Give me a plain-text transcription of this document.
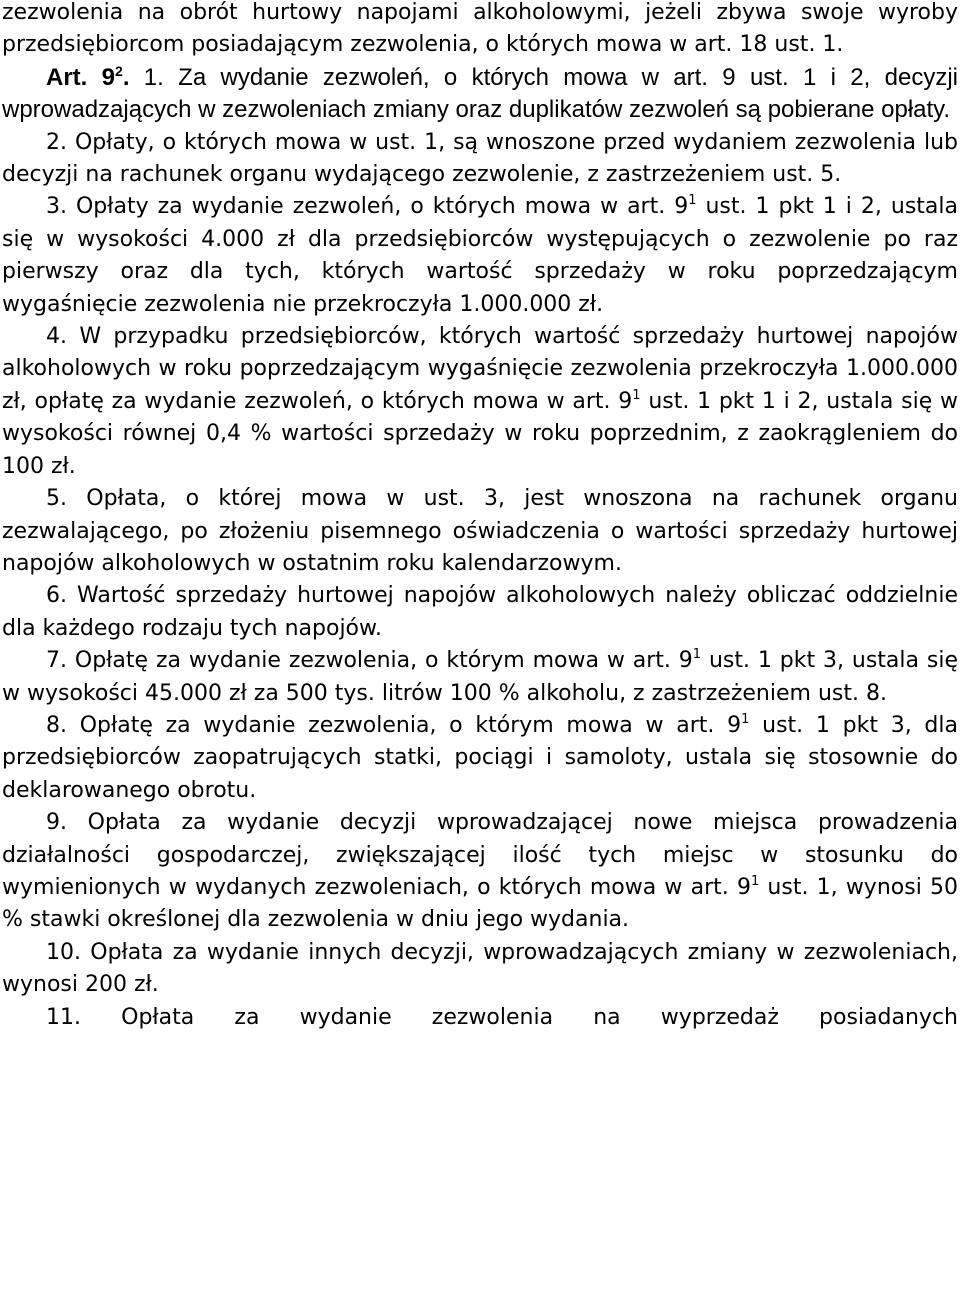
zezwolenia na obrót hurtowy napojami alkoholowymi, jeżeli zbywa swoje wyroby przedsiębiorcom posiadającym zezwolenia, o których mowa w art. 18 ust. 1.

Art. $9^2$. 1. Za wydanie zezwoleń, o których mowa w art. 9 ust. 1 i 2, decyzji wprowadzających w zezwoleniach zmiany oraz duplikatów zezwoleń są pobierane opłaty.

2. Opłaty, o których mowa w ust. 1, są wnoszone przed wydaniem zezwolenia lub decyzji na rachunek organu wydającego zezwolenie, z zastrzeżeniem ust. 5.

3. Opłaty za wydanie zezwoleń, o których mowa w art. $9^1$ ust. 1 pkt 1 i 2, ustala się w wysokości 4.000 zł dla przedsiębiorców występujących o zezwolenie po raz pierwszy oraz dla tych, których wartość sprzedaży w roku poprzedzającym wygaśnięcie zezwolenia nie przekroczyła 1.000.000 zł.

4. W przypadku przedsiębiorców, których wartość sprzedaży hurtowej napojów alkoholowych w roku poprzedzającym wygaśnięcie zezwolenia przekroczyła 1.000.000 zł, opłatę za wydanie zezwoleń, o których mowa w art. $9^1$ ust. 1 pkt 1 i 2, ustala się w wysokości równej 0,4 % wartości sprzedaży w roku poprzednim, z zaokrągleniem do 100 zł.

5. Opłata, o której mowa w ust. 3, jest wnoszona na rachunek organu zezwalającego, po złożeniu pisemnego oświadczenia o wartości sprzedaży hurtowej napojów alkoholowych w ostatnim roku kalendarzowym.

6. Wartość sprzedaży hurtowej napojów alkoholowych należy obliczać oddzielnie dla każdego rodzaju tych napojów.

7. Opłatę za wydanie zezwolenia, o którym mowa w art. $9^1$ ust. 1 pkt 3, ustala się w wysokości 45.000 zł za 500 tys. litrów 100 % alkoholu, z zastrzeżeniem ust. 8.

8. Opłatę za wydanie zezwolenia, o którym mowa w art. $9^1$ ust. 1 pkt 3, dla przedsiębiorców zaopatrujących statki, pociągi i samoloty, ustala się stosownie do deklarowanego obrotu.

9. Opłata za wydanie decyzji wprowadzającej nowe miejsca prowadzenia działalności gospodarczej, zwiększającej ilość tych miejsc w stosunku do wymienionych w wydanych zezwoleniach, o których mowa w art. $9^1$ ust. 1, wynosi 50 % stawki określonej dla zezwolenia w dniu jego wydania.

10. Opłata za wydanie innych decyzji, wprowadzających zmiany w zezwoleniach, wynosi 200 zł.

11. Opłata za wydanie zezwolenia na wyprzedaż posiadanych
